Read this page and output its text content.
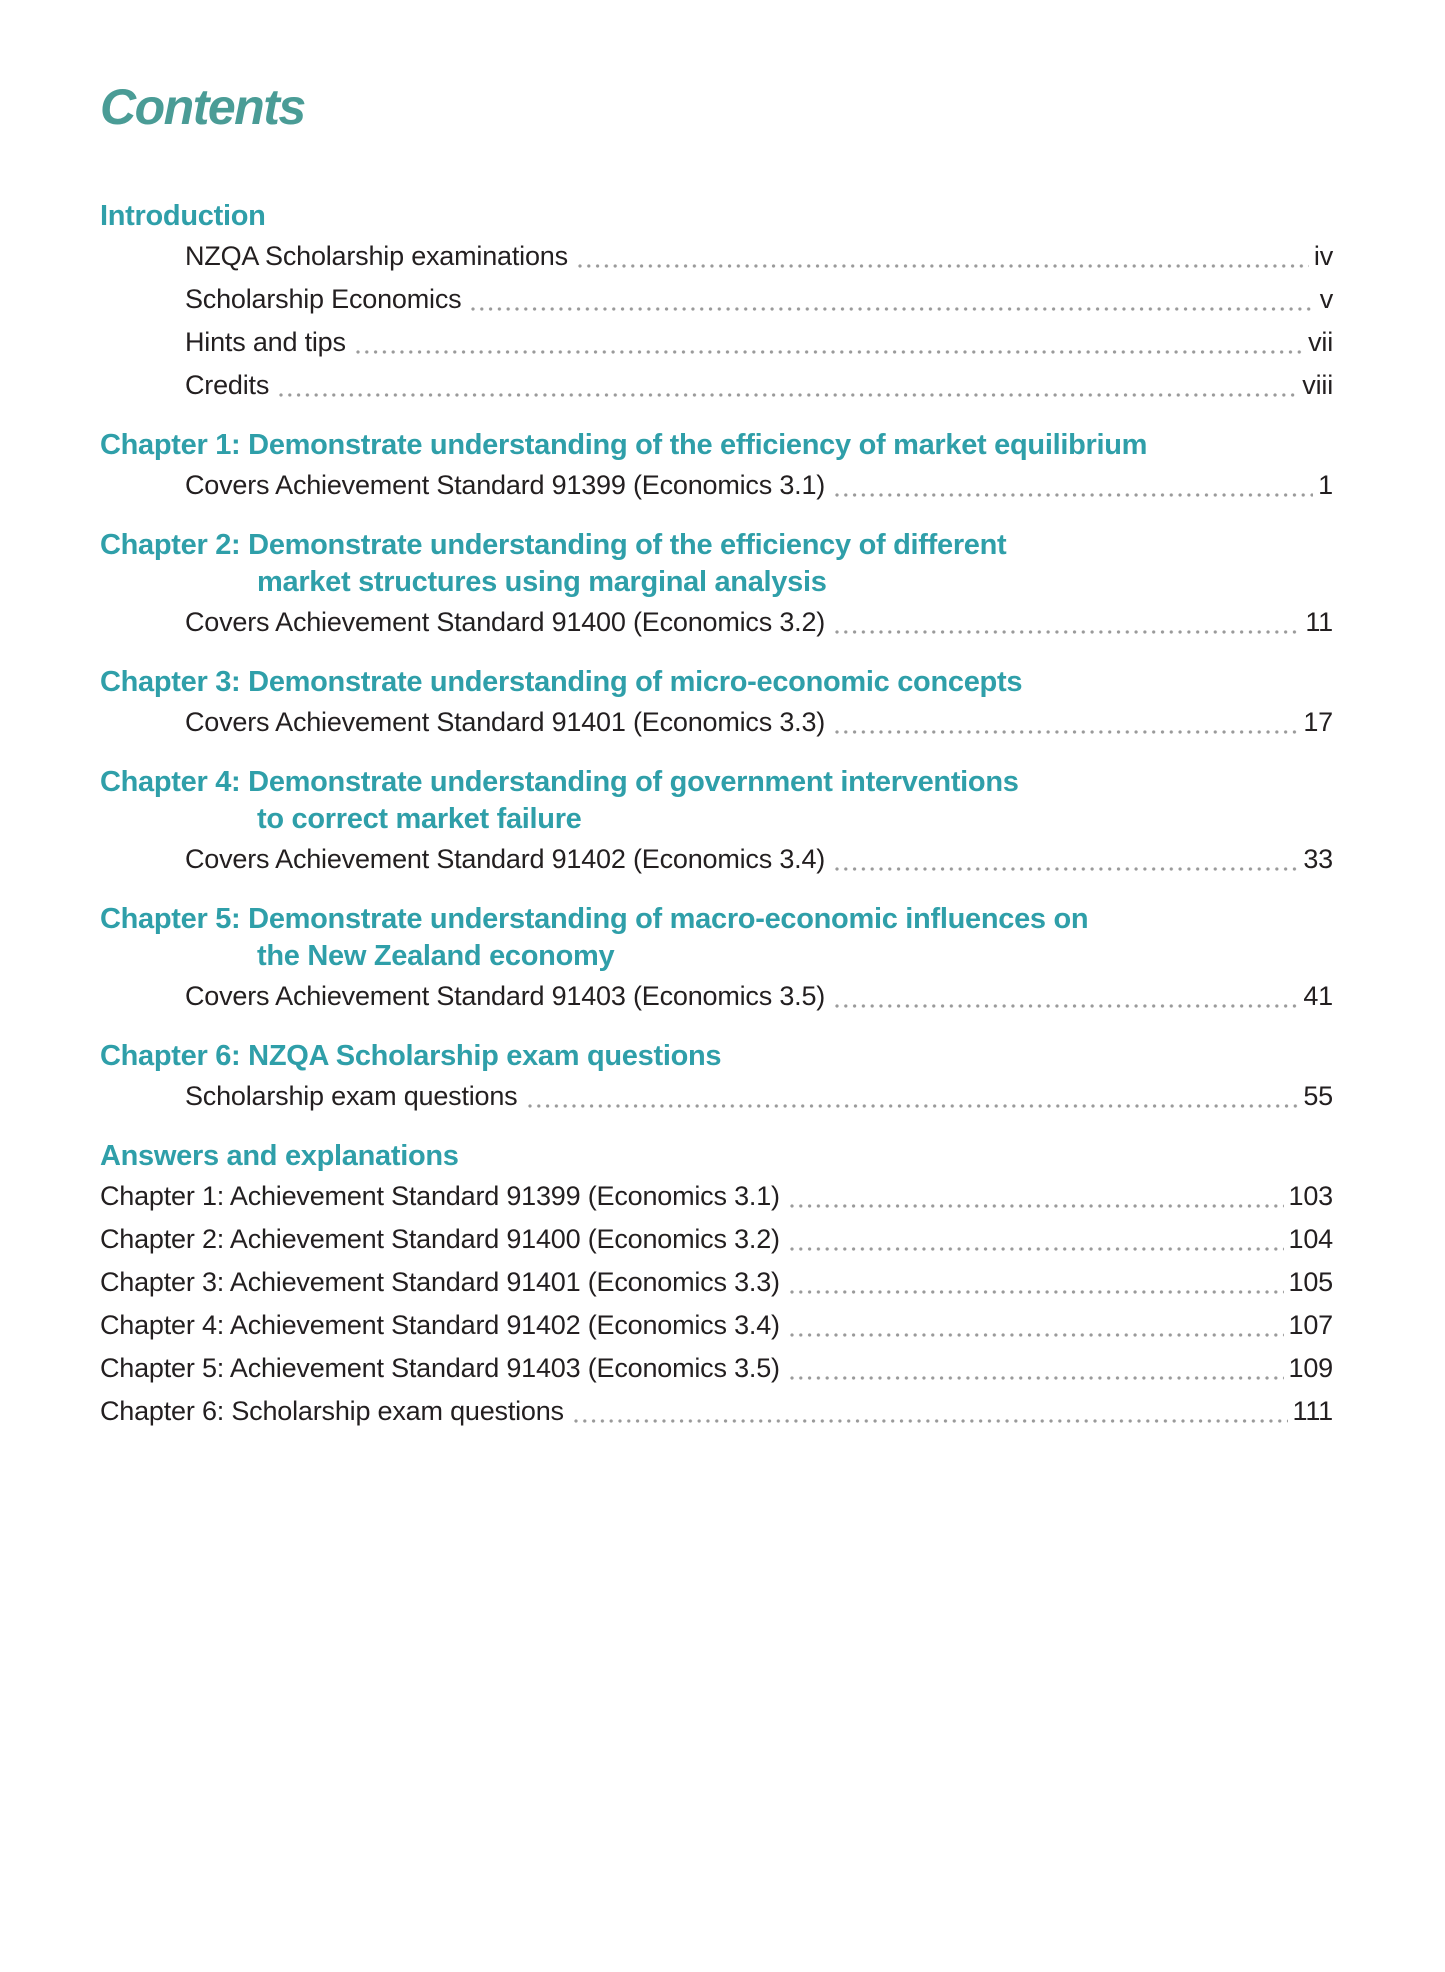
Contents
Introduction
NZQA Scholarship examinations	iv
Scholarship Economics	v
Hints and tips	vii
Credits	viii
Chapter 1: Demonstrate understanding of the efficiency of market equilibrium
Covers Achievement Standard 91399 (Economics 3.1)	1
Chapter 2: Demonstrate understanding of the efficiency of different
market structures using marginal analysis
Covers Achievement Standard 91400 (Economics 3.2)	11
Chapter 3: Demonstrate understanding of micro-economic concepts
Covers Achievement Standard 91401 (Economics 3.3)	17
Chapter 4: Demonstrate understanding of government interventions
to correct market failure
Covers Achievement Standard 91402 (Economics 3.4)	33
Chapter 5: Demonstrate understanding of macro-economic influences on
the New Zealand economy
Covers Achievement Standard 91403 (Economics 3.5)	41
Chapter 6: NZQA Scholarship exam questions
Scholarship exam questions	55
Answers and explanations
Chapter 1: Achievement Standard 91399 (Economics 3.1)	103
Chapter 2: Achievement Standard 91400 (Economics 3.2)	104
Chapter 3: Achievement Standard 91401 (Economics 3.3)	105
Chapter 4: Achievement Standard 91402 (Economics 3.4)	107
Chapter 5: Achievement Standard 91403 (Economics 3.5)	109
Chapter 6: Scholarship exam questions	111
